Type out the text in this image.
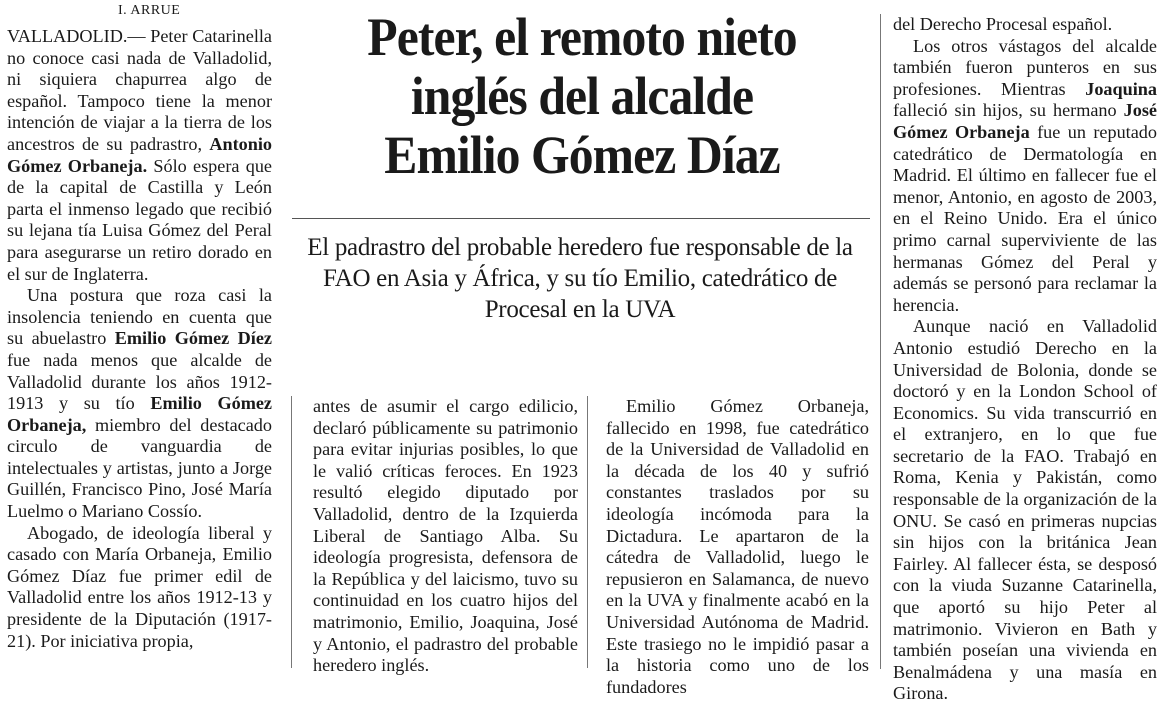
I. ARRUE	Peter, el remoto nieto
inglés del alcalde
Emilio Gómez Díaz
El padrastro del probable heredero fue responsable de la FAO en Asia y África, y su tío Emilio, catedrático de Procesal en la UVA

VALLADOLID.— Peter Catarinella no conoce casi nada de Valladolid, ni siquiera chapurrea algo de español. Tampoco tiene la menor intención de viajar a la tierra de los ancestros de su padrastro, Antonio Gómez Orbaneja. Sólo espera que de la capital de Castilla y León parta el inmenso legado que recibió su lejana tía Luisa Gómez del Peral para asegurarse un retiro dorado en el sur de Inglaterra.

Una postura que roza casi la insolencia teniendo en cuenta que su abuelastro Emilio Gómez Díez fue nada menos que alcalde de Valladolid durante los años 1912-1913 y su tío Emilio Gómez Orbaneja, miembro del destacado circulo de vanguardia de intelectuales y artistas, junto a Jorge Guillén, Francisco Pino, José María Luelmo o Mariano Cossío.

Abogado, de ideología liberal y casado con María Orbaneja, Emilio Gómez Díaz fue primer edil de Valladolid entre los años 1912-13 y presidente de la Diputación (1917-21). Por iniciativa propia,

antes de asumir el cargo edilicio, declaró públicamente su patrimonio para evitar injurias posibles, lo que le valió críticas feroces. En 1923 resultó elegido diputado por Valladolid, dentro de la Izquierda Liberal de Santiago Alba. Su ideología progresista, defensora de la República y del laicismo, tuvo su continuidad en los cuatro hijos del matrimonio, Emilio, Joaquina, José y Antonio, el padrastro del probable heredero inglés.

Emilio Gómez Orbaneja, fallecido en 1998, fue catedrático de la Universidad de Valladolid en la década de los 40 y sufrió constantes traslados por su ideología incómoda para la Dictadura. Le apartaron de la cátedra de Valladolid, luego le repusieron en Salamanca, de nuevo en la UVA y finalmente acabó en la Universidad Autónoma de Madrid. Este trasiego no le impidió pasar a la historia como uno de los fundadores

del Derecho Procesal español.

Los otros vástagos del alcalde también fueron punteros en sus profesiones. Mientras Joaquina falleció sin hijos, su hermano José Gómez Orbaneja fue un reputado catedrático de Dermatología en Madrid. El último en fallecer fue el menor, Antonio, en agosto de 2003, en el Reino Unido. Era el único primo carnal superviviente de las hermanas Gómez del Peral y además se personó para reclamar la herencia.

Aunque nació en Valladolid Antonio estudió Derecho en la Universidad de Bolonia, donde se doctoró y en la London School of Economics. Su vida transcurrió en el extranjero, en lo que fue secretario de la FAO. Trabajó en Roma, Kenia y Pakistán, como responsable de la organización de la ONU. Se casó en primeras nupcias sin hijos con la británica Jean Fairley. Al fallecer ésta, se desposó con la viuda Suzanne Catarinella, que aportó su hijo Peter al matrimonio. Vivieron en Bath y también poseían una vivienda en Benalmádena y una masía en Girona.
